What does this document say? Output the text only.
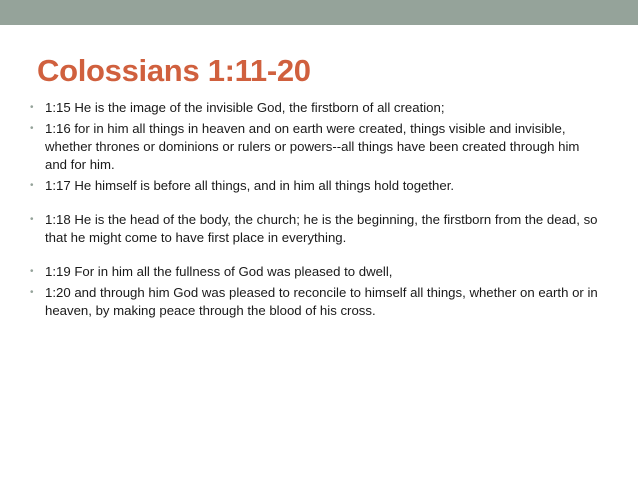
Colossians 1:11-20
• 1:15 He is the image of the invisible God, the firstborn of all creation;
• 1:16 for in him all things in heaven and on earth were created, things visible and invisible, whether thrones or dominions or rulers or powers--all things have been created through him and for him.
• 1:17 He himself is before all things, and in him all things hold together.
• 1:18 He is the head of the body, the church; he is the beginning, the firstborn from the dead, so that he might come to have first place in everything.
• 1:19 For in him all the fullness of God was pleased to dwell,
• 1:20 and through him God was pleased to reconcile to himself all things, whether on earth or in heaven, by making peace through the blood of his cross.
